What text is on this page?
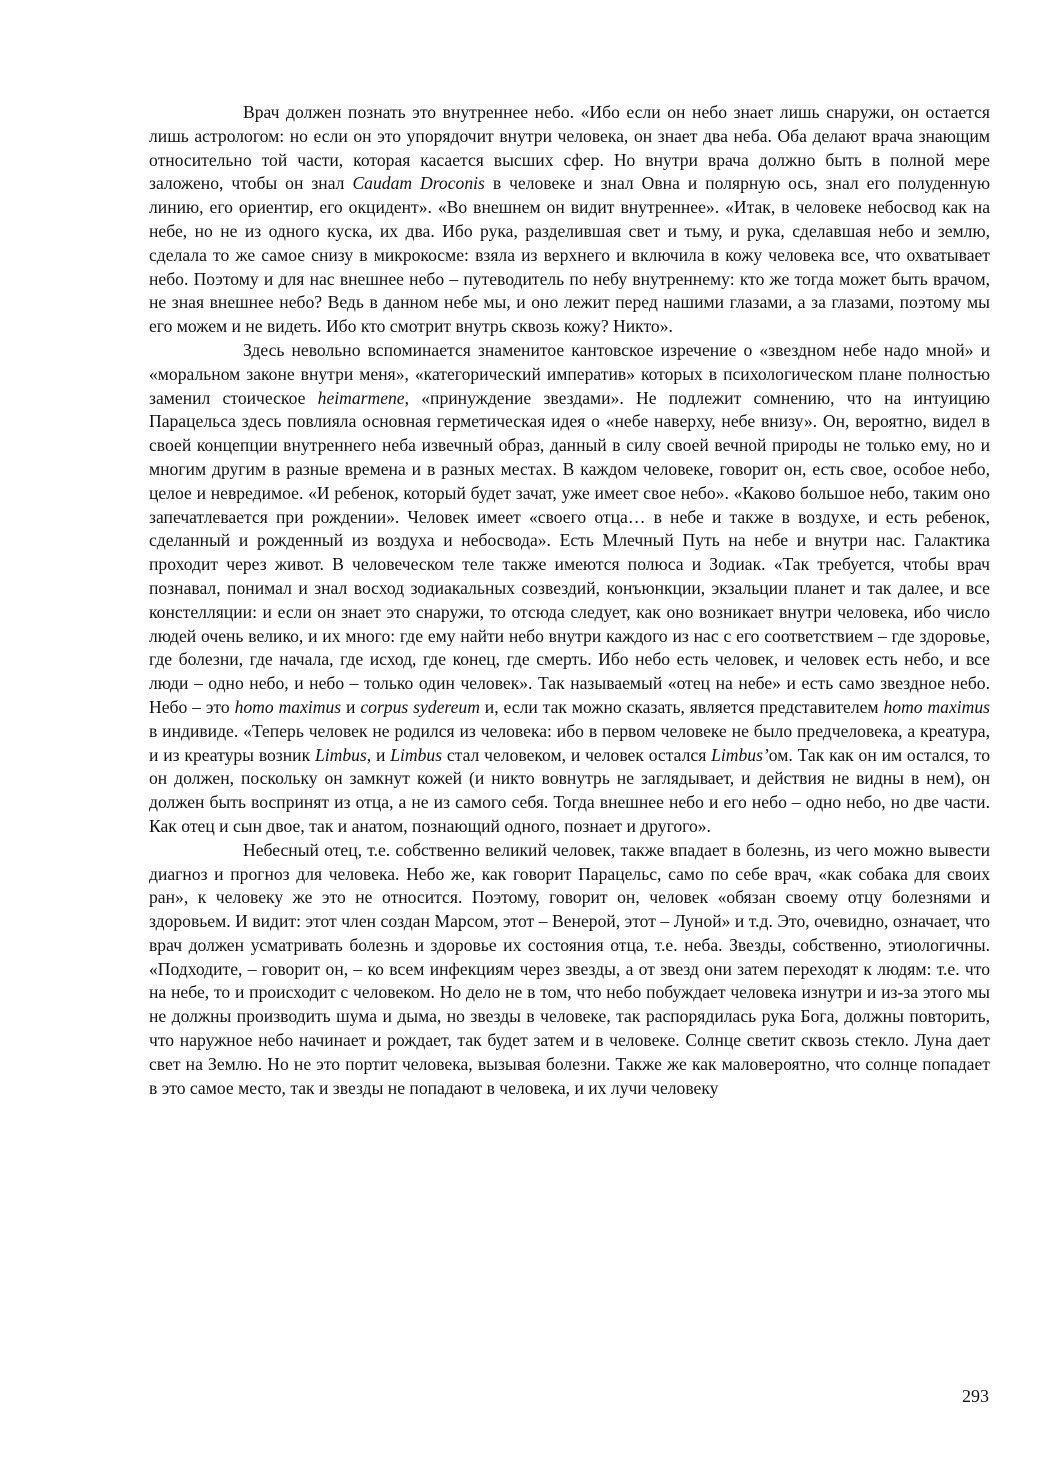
Врач должен познать это внутреннее небо. «Ибо если он небо знает лишь снаружи, он остается лишь астрологом: но если он это упорядочит внутри человека, он знает два неба. Оба делают врача знающим относительно той части, которая касается высших сфер. Но внутри врача должно быть в полной мере заложено, чтобы он знал Caudam Droconis в человеке и знал Овна и полярную ось, знал его полуденную линию, его ориентир, его окцидент». «Во внешнем он видит внутреннее». «Итак, в человеке небосвод как на небе, но не из одного куска, их два. Ибо рука, разделившая свет и тьму, и рука, сделавшая небо и землю, сделала то же самое снизу в микрокосме: взяла из верхнего и включила в кожу человека все, что охватывает небо. Поэтому и для нас внешнее небо – путеводитель по небу внутреннему: кто же тогда может быть врачом, не зная внешнее небо? Ведь в данном небе мы, и оно лежит перед нашими глазами, а за глазами, поэтому мы его можем и не видеть. Ибо кто смотрит внутрь сквозь кожу? Никто».

Здесь невольно вспоминается знаменитое кантовское изречение о «звездном небе надо мной» и «моральном законе внутри меня», «категорический императив» которых в психологическом плане полностью заменил стоическое heimarmene, «принуждение звездами». Не подлежит сомнению, что на интуицию Парацельса здесь повлияла основная герметическая идея о «небе наверху, небе внизу». Он, вероятно, видел в своей концепции внутреннего неба извечный образ, данный в силу своей вечной природы не только ему, но и многим другим в разные времена и в разных местах. В каждом человеке, говорит он, есть свое, особое небо, целое и невредимое. «И ребенок, который будет зачат, уже имеет свое небо». «Каково большое небо, таким оно запечатлевается при рождении». Человек имеет «своего отца… в небе и также в воздухе, и есть ребенок, сделанный и рожденный из воздуха и небосвода». Есть Млечный Путь на небе и внутри нас. Галактика проходит через живот. В человеческом теле также имеются полюса и Зодиак. «Так требуется, чтобы врач познавал, понимал и знал восход зодиакальных созвездий, конъюнкции, экзальции планет и так далее, и все констелляции: и если он знает это снаружи, то отсюда следует, как оно возникает внутри человека, ибо число людей очень велико, и их много: где ему найти небо внутри каждого из нас с его соответствием – где здоровье, где болезни, где начала, где исход, где конец, где смерть. Ибо небо есть человек, и человек есть небо, и все люди – одно небо, и небо – только один человек». Так называемый «отец на небе» и есть само звездное небо. Небо – это homo maximus и corpus sydereum и, если так можно сказать, является представителем homo maximus в индивиде. «Теперь человек не родился из человека: ибо в первом человеке не было предчеловека, а креатура, и из креатуры возник Limbus, и Limbus стал человеком, и человек остался Limbus’ом. Так как он им остался, то он должен, поскольку он замкнут кожей (и никто вовнутрь не заглядывает, и действия не видны в нем), он должен быть воспринят из отца, а не из самого себя. Тогда внешнее небо и его небо – одно небо, но две части. Как отец и сын двое, так и анатом, познающий одного, познает и другого».

Небесный отец, т.е. собственно великий человек, также впадает в болезнь, из чего можно вывести диагноз и прогноз для человека. Небо же, как говорит Парацельс, само по себе врач, «как собака для своих ран», к человеку же это не относится. Поэтому, говорит он, человек «обязан своему отцу болезнями и здоровьем. И видит: этот член создан Марсом, этот – Венерой, этот – Луной» и т.д. Это, очевидно, означает, что врач должен усматривать болезнь и здоровье их состояния отца, т.е. неба. Звезды, собственно, этиологичны. «Подходите, – говорит он, – ко всем инфекциям через звезды, а от звезд они затем переходят к людям: т.е. что на небе, то и происходит с человеком. Но дело не в том, что небо побуждает человека изнутри и из-за этого мы не должны производить шума и дыма, но звезды в человеке, так распорядилась рука Бога, должны повторить, что наружное небо начинает и рождает, так будет затем и в человеке. Солнце светит сквозь стекло. Луна дает свет на Землю. Но не это портит человека, вызывая болезни. Также же как маловероятно, что солнце попадает в это самое место, так и звезды не попадают в человека, и их лучи человеку

293
